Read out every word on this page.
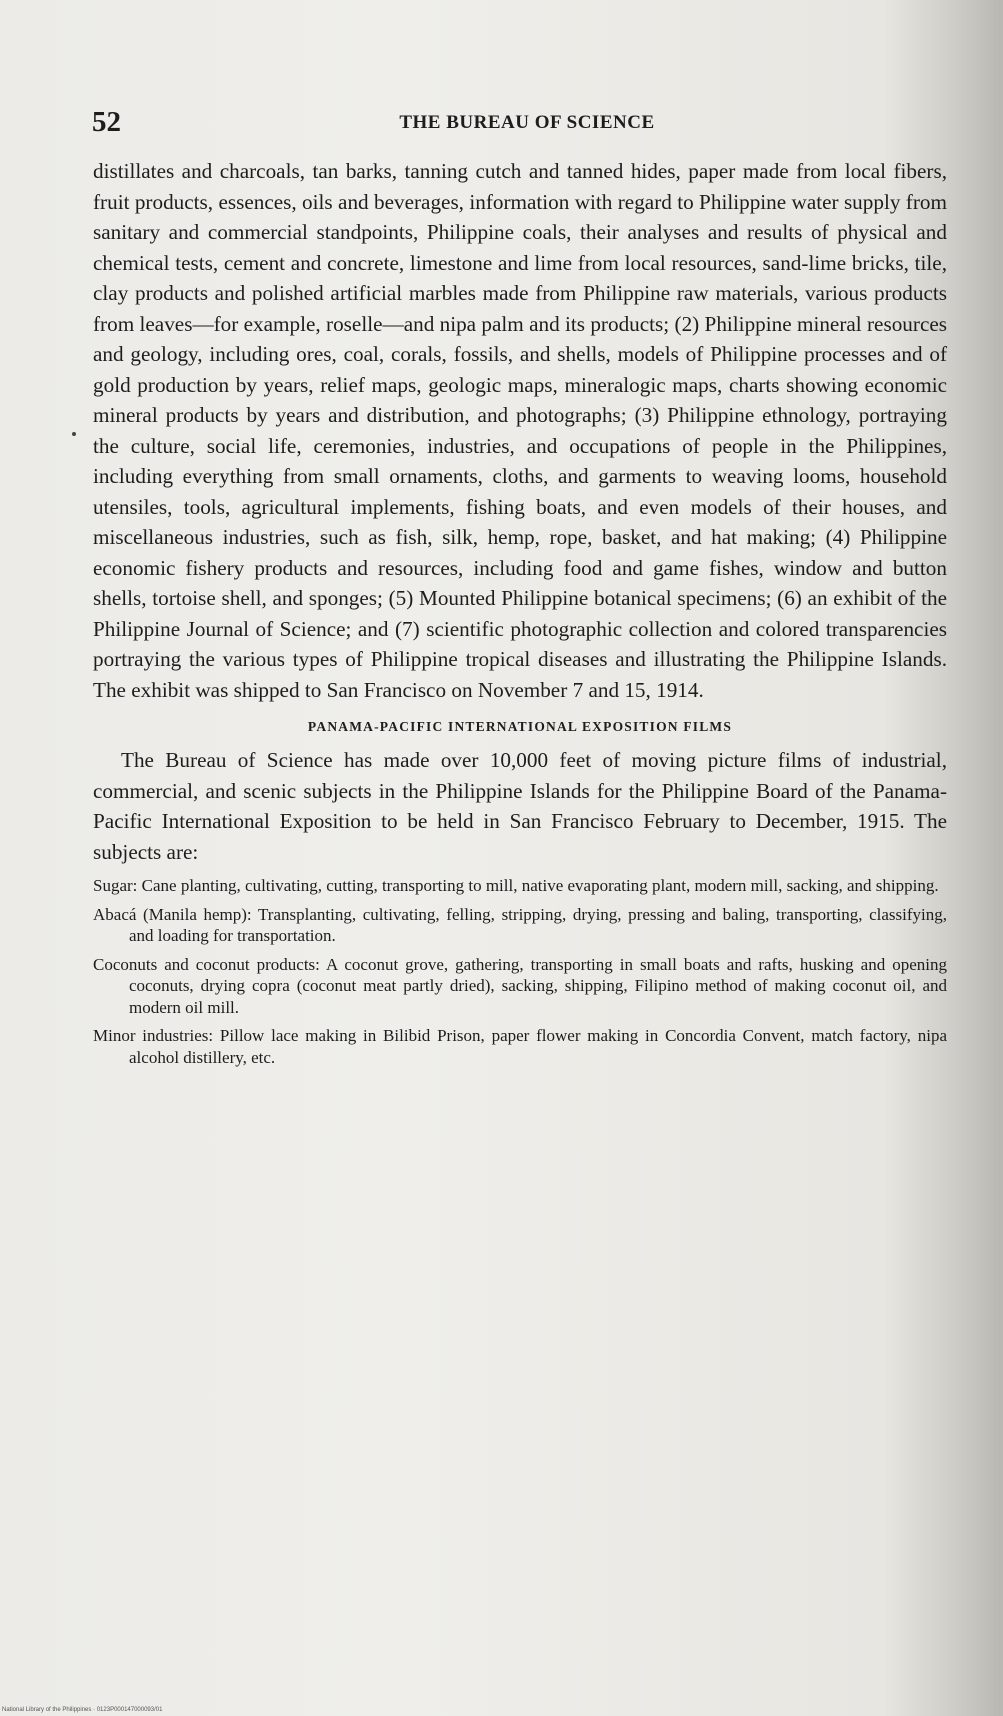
52	THE BUREAU OF SCIENCE

distillates and charcoals, tan barks, tanning cutch and tanned hides, paper made from local fibers, fruit products, essences, oils and beverages, information with regard to Philippine water supply from sanitary and commercial standpoints, Philippine coals, their analyses and results of physical and chemical tests, cement and concrete, limestone and lime from local resources, sand-lime bricks, tile, clay products and polished artificial marbles made from Philippine raw materials, various products from leaves—for example, roselle—and nipa palm and its products; (2) Philippine mineral resources and geology, including ores, coal, corals, fossils, and shells, models of Philippine processes and of gold production by years, relief maps, geologic maps, mineralogic maps, charts showing economic mineral products by years and distribution, and photographs; (3) Philippine ethnology, portraying the culture, social life, ceremonies, industries, and occupations of people in the Philippines, including everything from small ornaments, cloths, and garments to weaving looms, household utensiles, tools, agricultural implements, fishing boats, and even models of their houses, and miscellaneous industries, such as fish, silk, hemp, rope, basket, and hat making; (4) Philippine economic fishery products and resources, including food and game fishes, window and button shells, tortoise shell, and sponges; (5) Mounted Philippine botanical specimens; (6) an exhibit of the Philippine Journal of Science; and (7) scientific photographic collection and colored transparencies portraying the various types of Philippine tropical diseases and illustrating the Philippine Islands. The exhibit was shipped to San Francisco on November 7 and 15, 1914.

PANAMA-PACIFIC INTERNATIONAL EXPOSITION FILMS

The Bureau of Science has made over 10,000 feet of moving picture films of industrial, commercial, and scenic subjects in the Philippine Islands for the Philippine Board of the Panama-Pacific International Exposition to be held in San Francisco February to December, 1915. The subjects are:

Sugar: Cane planting, cultivating, cutting, transporting to mill, native evaporating plant, modern mill, sacking, and shipping.
Abacá (Manila hemp): Transplanting, cultivating, felling, stripping, drying, pressing and baling, transporting, classifying, and loading for transportation.
Coconuts and coconut products: A coconut grove, gathering, transporting in small boats and rafts, husking and opening coconuts, drying copra (coconut meat partly dried), sacking, shipping, Filipino method of making coconut oil, and modern oil mill.
Minor industries: Pillow lace making in Bilibid Prison, paper flower making in Concordia Convent, match factory, nipa alcohol distillery, etc.
National Library of the Philippines · 0123P000147000093/01
